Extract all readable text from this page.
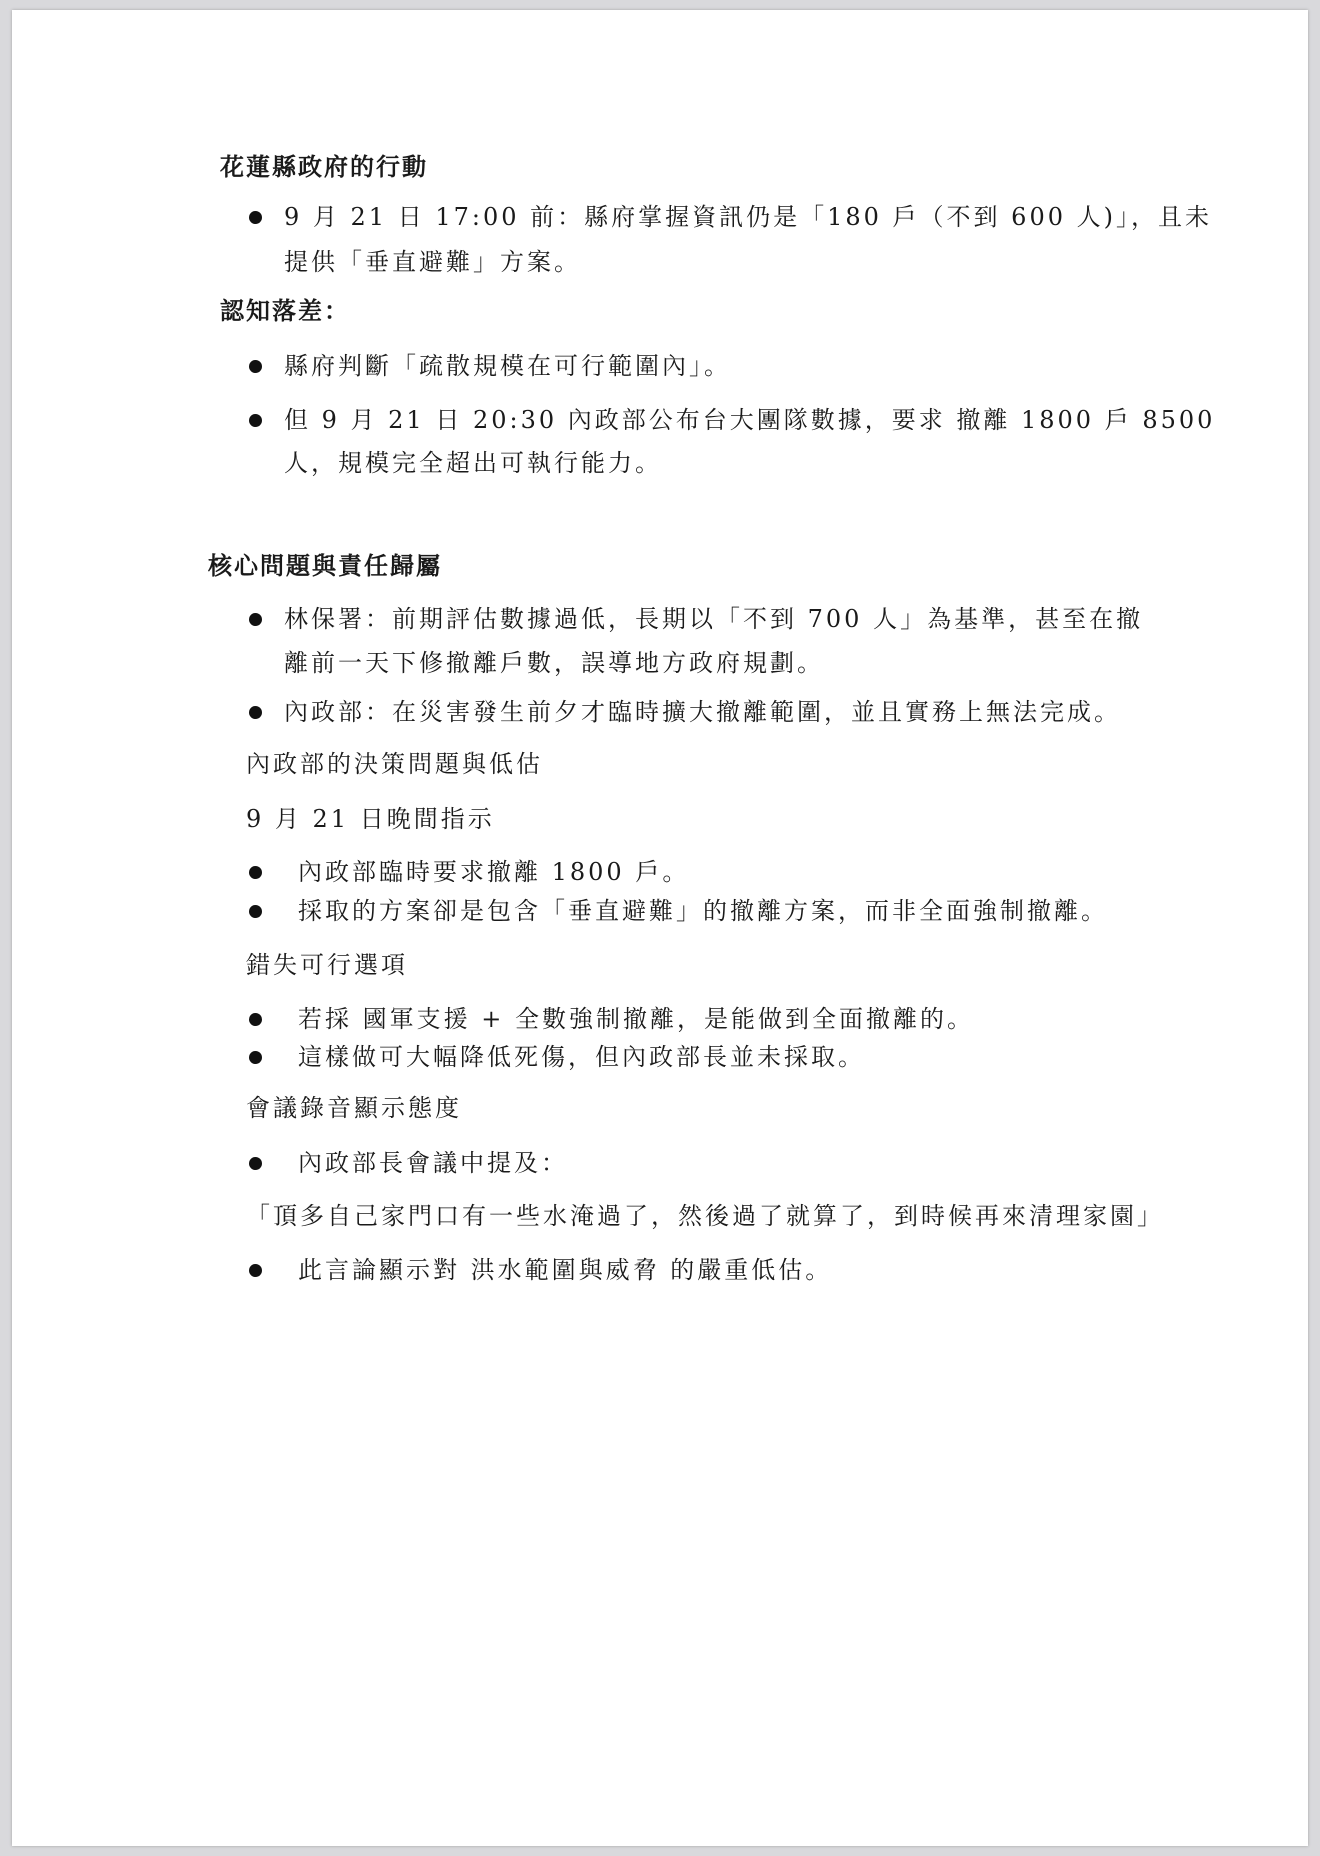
花蓮縣政府的行動
9 月 21 日 17:00 前：縣府掌握資訊仍是「180 戶（不到 600 人)」，且未
提供「垂直避難」方案。
認知落差：
縣府判斷「疏散規模在可行範圍內」。
但 9 月 21 日 20:30 內政部公布台大團隊數據，要求 撤離 1800 戶 8500
人，規模完全超出可執行能力。
核心問題與責任歸屬
林保署：前期評估數據過低，長期以「不到 700 人」為基準，甚至在撤
離前一天下修撤離戶數，誤導地方政府規劃。
內政部：在災害發生前夕才臨時擴大撤離範圍，並且實務上無法完成。
內政部的決策問題與低估
9 月 21 日晚間指示
內政部臨時要求撤離 1800 戶。
採取的方案卻是包含「垂直避難」的撤離方案，而非全面強制撤離。
錯失可行選項
若採 國軍支援 + 全數強制撤離，是能做到全面撤離的。
這樣做可大幅降低死傷，但內政部長並未採取。
會議錄音顯示態度
內政部長會議中提及：
「頂多自己家門口有一些水淹過了，然後過了就算了，到時候再來清理家園」
此言論顯示對 洪水範圍與威脅 的嚴重低估。
